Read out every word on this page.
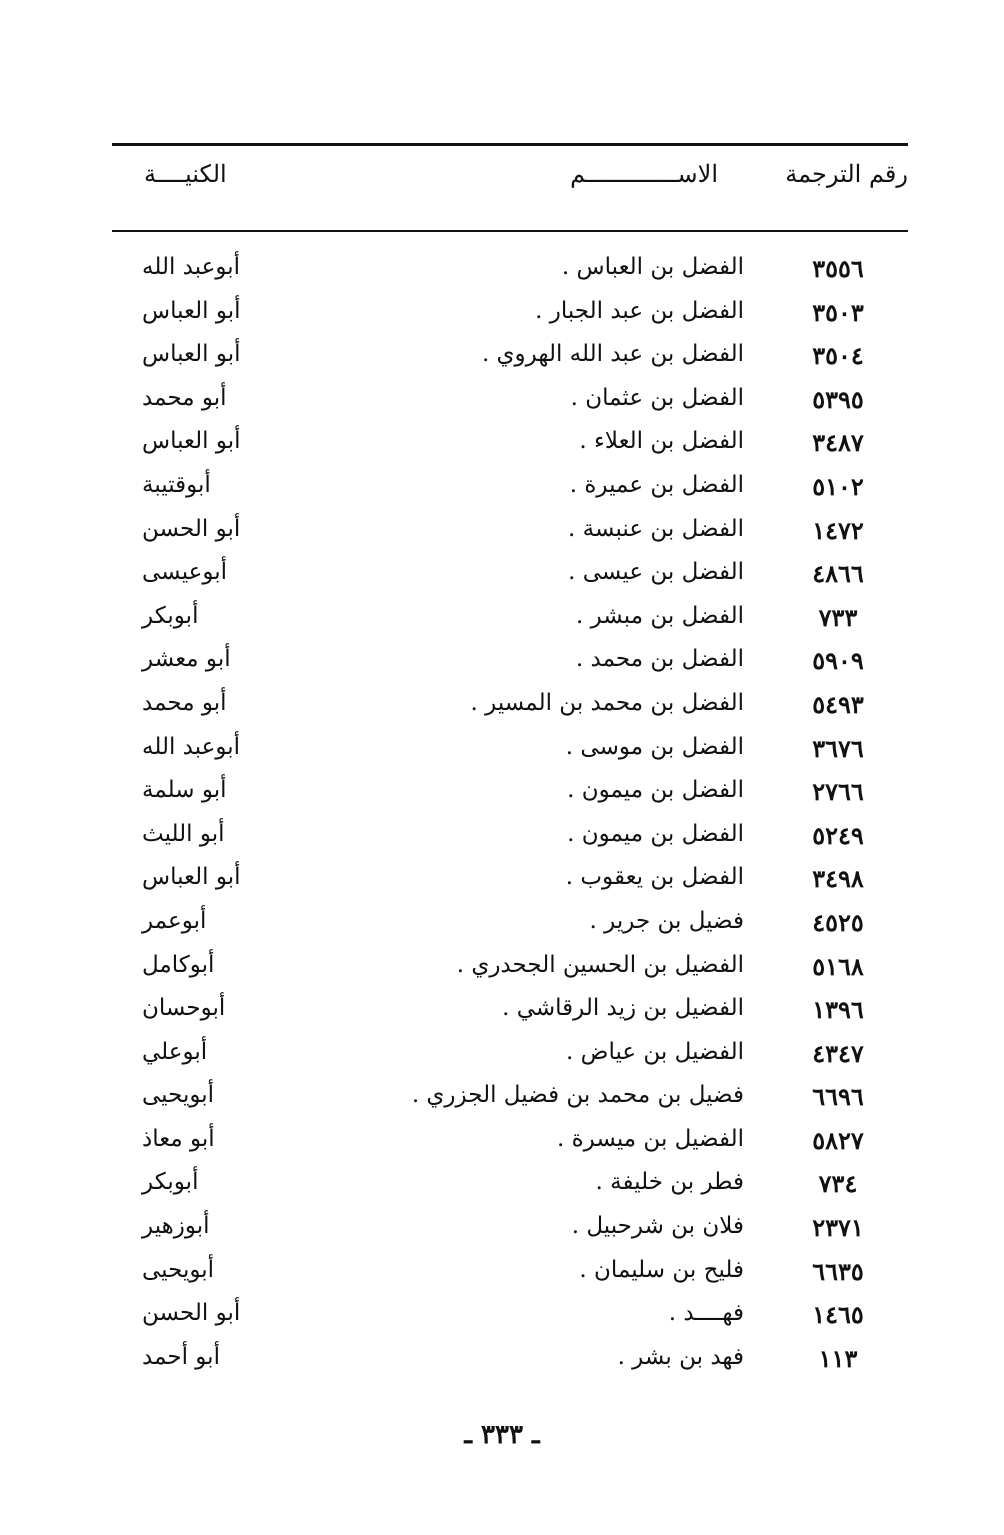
رقم الترجمة
الاســـــــــــــم
الكنيــــة
٣٥٥٦
الفضل بن العباس .
أبوعبد الله
٣٥٠٣
الفضل بن عبد الجبار .
أبو العباس
٣٥٠٤
الفضل بن عبد الله الهروي .
أبو العباس
٥٣٩٥
الفضل بن عثمان .
أبو محمد
٣٤٨٧
الفضل بن العلاء .
أبو العباس
٥١٠٢
الفضل بن عميرة .
أبوقتيبة
١٤٧٢
الفضل بن عنبسة .
أبو الحسن
٤٨٦٦
الفضل بن عيسى .
أبوعيسى
٧٣٣
الفضل بن مبشر .
أبوبكر
٥٩٠٩
الفضل بن محمد .
أبو معشر
٥٤٩٣
الفضل بن محمد بن المسير .
أبو محمد
٣٦٧٦
الفضل بن موسى .
أبوعبد الله
٢٧٦٦
الفضل بن ميمون .
أبو سلمة
٥٢٤٩
الفضل بن ميمون .
أبو الليث
٣٤٩٨
الفضل بن يعقوب .
أبو العباس
٤٥٢٥
فضيل بن جرير .
أبوعمر
٥١٦٨
الفضيل بن الحسين الجحدري .
أبوكامل
١٣٩٦
الفضيل بن زيد الرقاشي .
أبوحسان
٤٣٤٧
الفضيل بن عياض .
أبوعلي
٦٦٩٦
فضيل بن محمد بن فضيل الجزري .
أبويحيى
٥٨٢٧
الفضيل بن ميسرة .
أبو معاذ
٧٣٤
فطر بن خليفة .
أبوبكر
٢٣٧١
فلان بن شرحبيل .
أبوزهير
٦٦٣٥
فليح بن سليمان .
أبويحيى
١٤٦٥
فهــــد .
أبو الحسن
١١٣
فهد بن بشر .
أبو أحمد
ـ ٣٣٣ ـ
